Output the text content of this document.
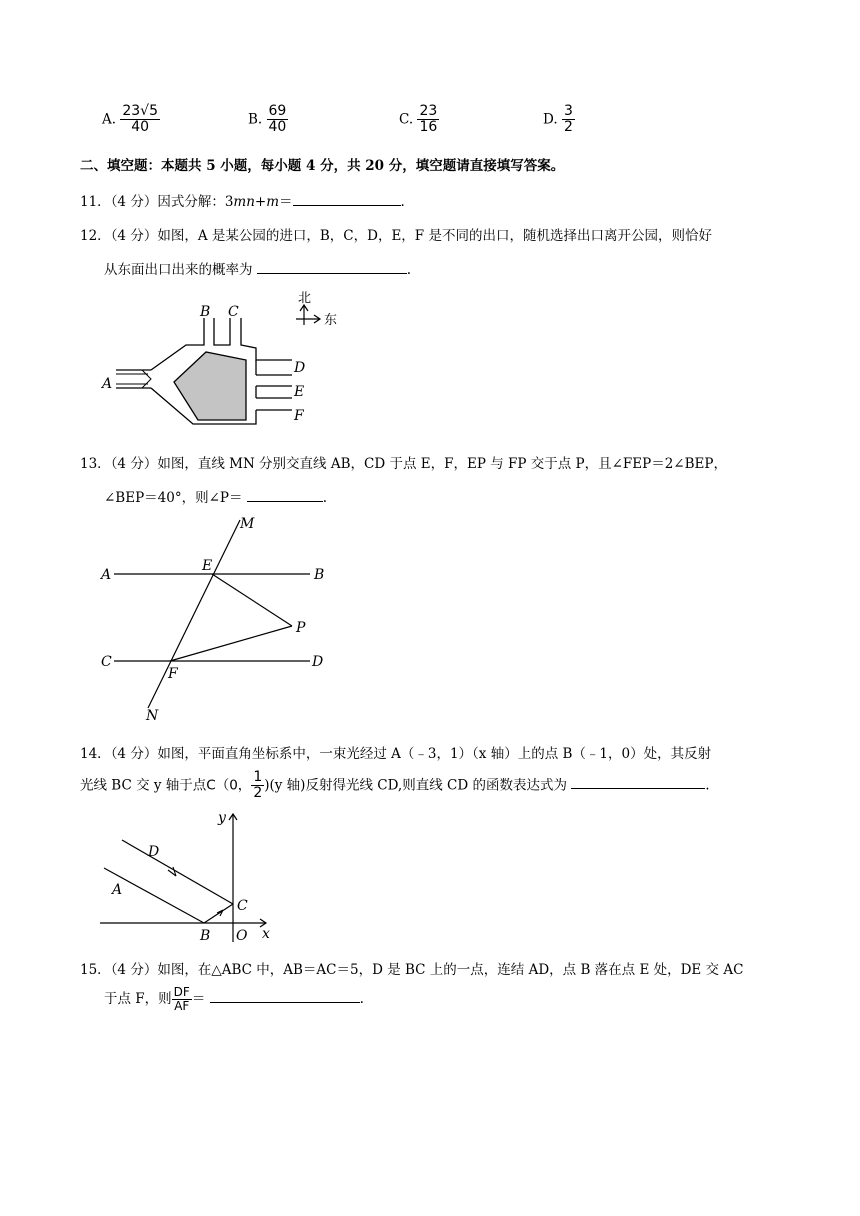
A. $\frac{23√5}{40}$	B. $\frac{69}{40}$	C. $\frac{23}{16}$	D. $\frac{3}{2}$
二、填空题：本题共 5 小题，每小题 4 分，共 20 分，填空题请直接填写答案。
11．（4 分）因式分解：3mn+m＝	.
12．（4 分）如图，A 是某公园的进口，B，C，D，E，F 是不同的出口，随机选择出口离开公园，则恰好
从东面出口出来的概率为	.
B C
D
E
F
A
北
东
13．（4 分）如图，直线 MN 分别交直线 AB，CD 于点 E，F，EP 与 FP 交于点 P，且∠FEP＝2∠BEP，
∠BEP＝40°，则∠P＝	.
M
A
E
B
P
C
F
D
N
14．（4 分）如图，平面直角坐标系中，一束光经过 A（﹣3，1）（x 轴）上的点 B（﹣1，0）处，其反射
光线 BC 交 y 轴于点C（0， $\frac{1}{2} )(y$ 轴)反射得光线 CD,则直线 CD 的函数表达式为	.
y
x
D
A
C
B O
15．（4 分）如图，在△ABC 中，AB＝AC＝5，D 是 BC 上的一点，连结 AD，点 B 落在点 E 处，DE 交 AC
于点 F，则 $\frac{DF}{AF}$ ＝	.
